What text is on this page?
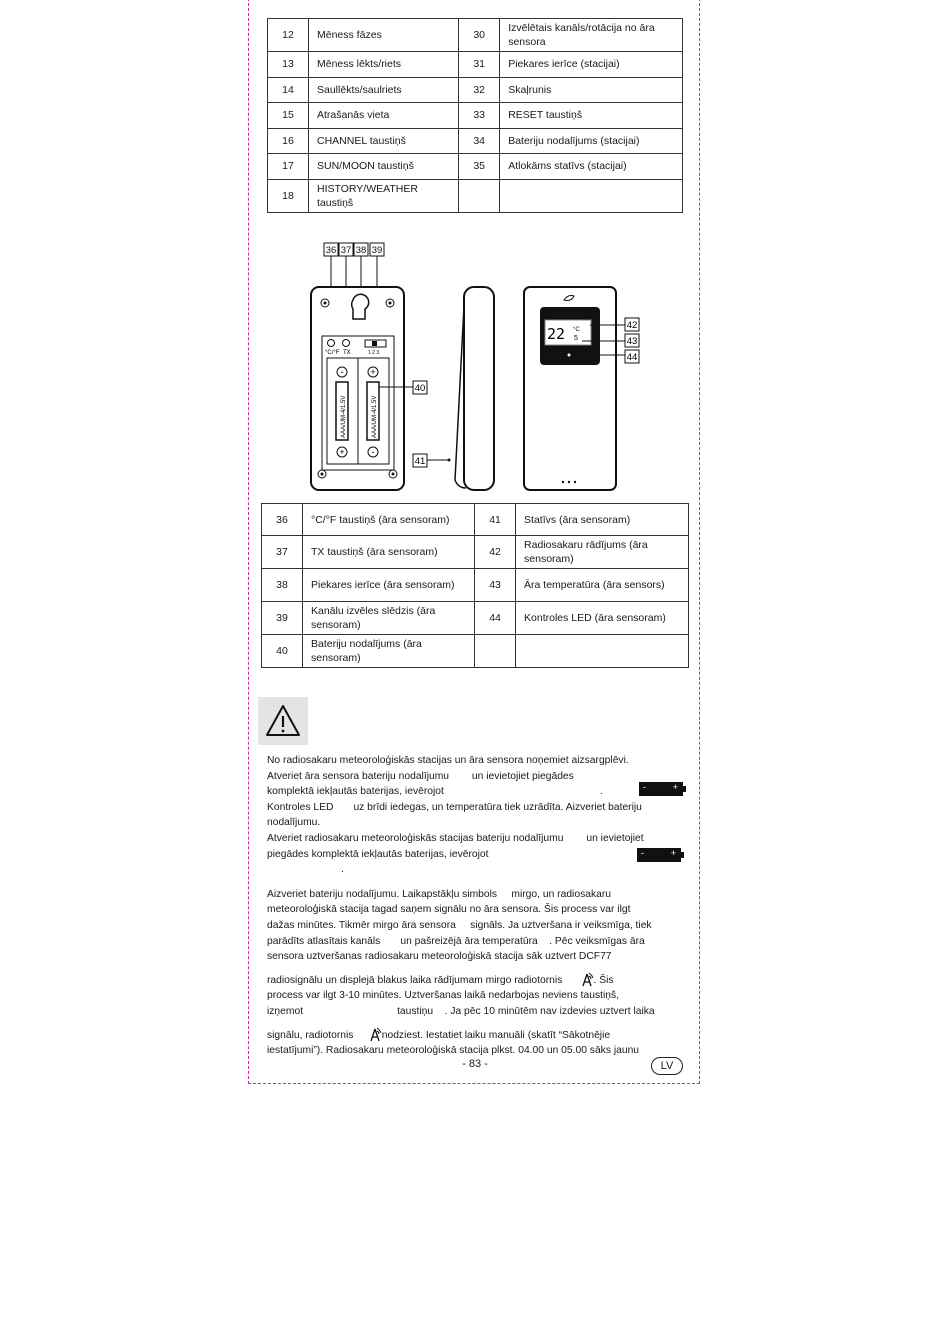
12	Mēness fāzes	30	Izvēlētais kanāls/rotācija no āra sensora
13	Mēness lēkts/riets	31	Piekares ierīce (stacijai)
14	Saullēkts/saulriets	32	Skaļrunis
15	Atrašanās vieta	33	RESET taustiņš
16	CHANNEL taustiņš	34	Bateriju nodalījums (stacijai)
17	SUN/MOON taustiņš	35	Atlokāms statīvs (stacijai)
18	HISTORY/WEATHER taustiņš		
36 37 38 39
°C/°F TX	1 2 3
-	+
+	-
AAA/UM-4/1.5V	AAA/UM-4/1.5V
40
41
22 °C
5
42
43
44
36	°C/°F taustiņš (āra sensoram)	41	Statīvs (āra sensoram)
37	TX taustiņš (āra sensoram)	42	Radiosakaru rādījums (āra sensoram)
38	Piekares ierīce (āra sensoram)	43	Āra temperatūra (āra sensors)
39	Kanālu izvēles slēdzis (āra sensoram)	44	Kontroles LED (āra sensoram)
40	Bateriju nodalījums (āra sensoram)		

No radiosakaru meteoroloģiskās stacijas un āra sensora noņemiet aizsargplēvi.

Atveriet āra sensora bateriju nodalījumu un ievietojiet piegādes

komplektā iekļautās baterijas, ievērojot	.

Kontroles LED uz brīdi iedegas, un temperatūra tiek uzrādīta. Aizveriet bateriju

nodalījumu.

Atveriet radiosakaru meteoroloģiskās stacijas bateriju nodalījumu un ievietojiet

piegādes komplektā iekļautās baterijas, ievērojot

.

Aizveriet bateriju nodalījumu. Laikapstākļu simbols mirgo, un radiosakaru

meteoroloģiskā stacija tagad saņem signālu no āra sensora. Šis process var ilgt

dažas minūtes. Tikmēr mirgo āra sensora signāls. Ja uztveršana ir veiksmīga, tiek

parādīts atlasītais kanāls un pašreizējā āra temperatūra . Pēc veiksmīgas āra

sensora uztveršanas radiosakaru meteoroloģiskā stacija sāk uztvert DCF77

radiosignālu un displejā blakus laika rādījumam mirgo radiotornis	. Šis

process var ilgt 3-10 minūtes. Uztveršanas laikā nedarbojas neviens taustiņš,

izņemot	taustiņu . Ja pēc 10 minūtēm nav izdevies uztvert laika

signālu, radiotornis	nodziest. Iestatiet laiku manuāli (skatīt “Sākotnējie

iestatījumi”). Radiosakaru meteoroloģiskā stacija plkst. 04.00 un 05.00 sāks jaunu

-	+
-	+
- 83 -	LV
